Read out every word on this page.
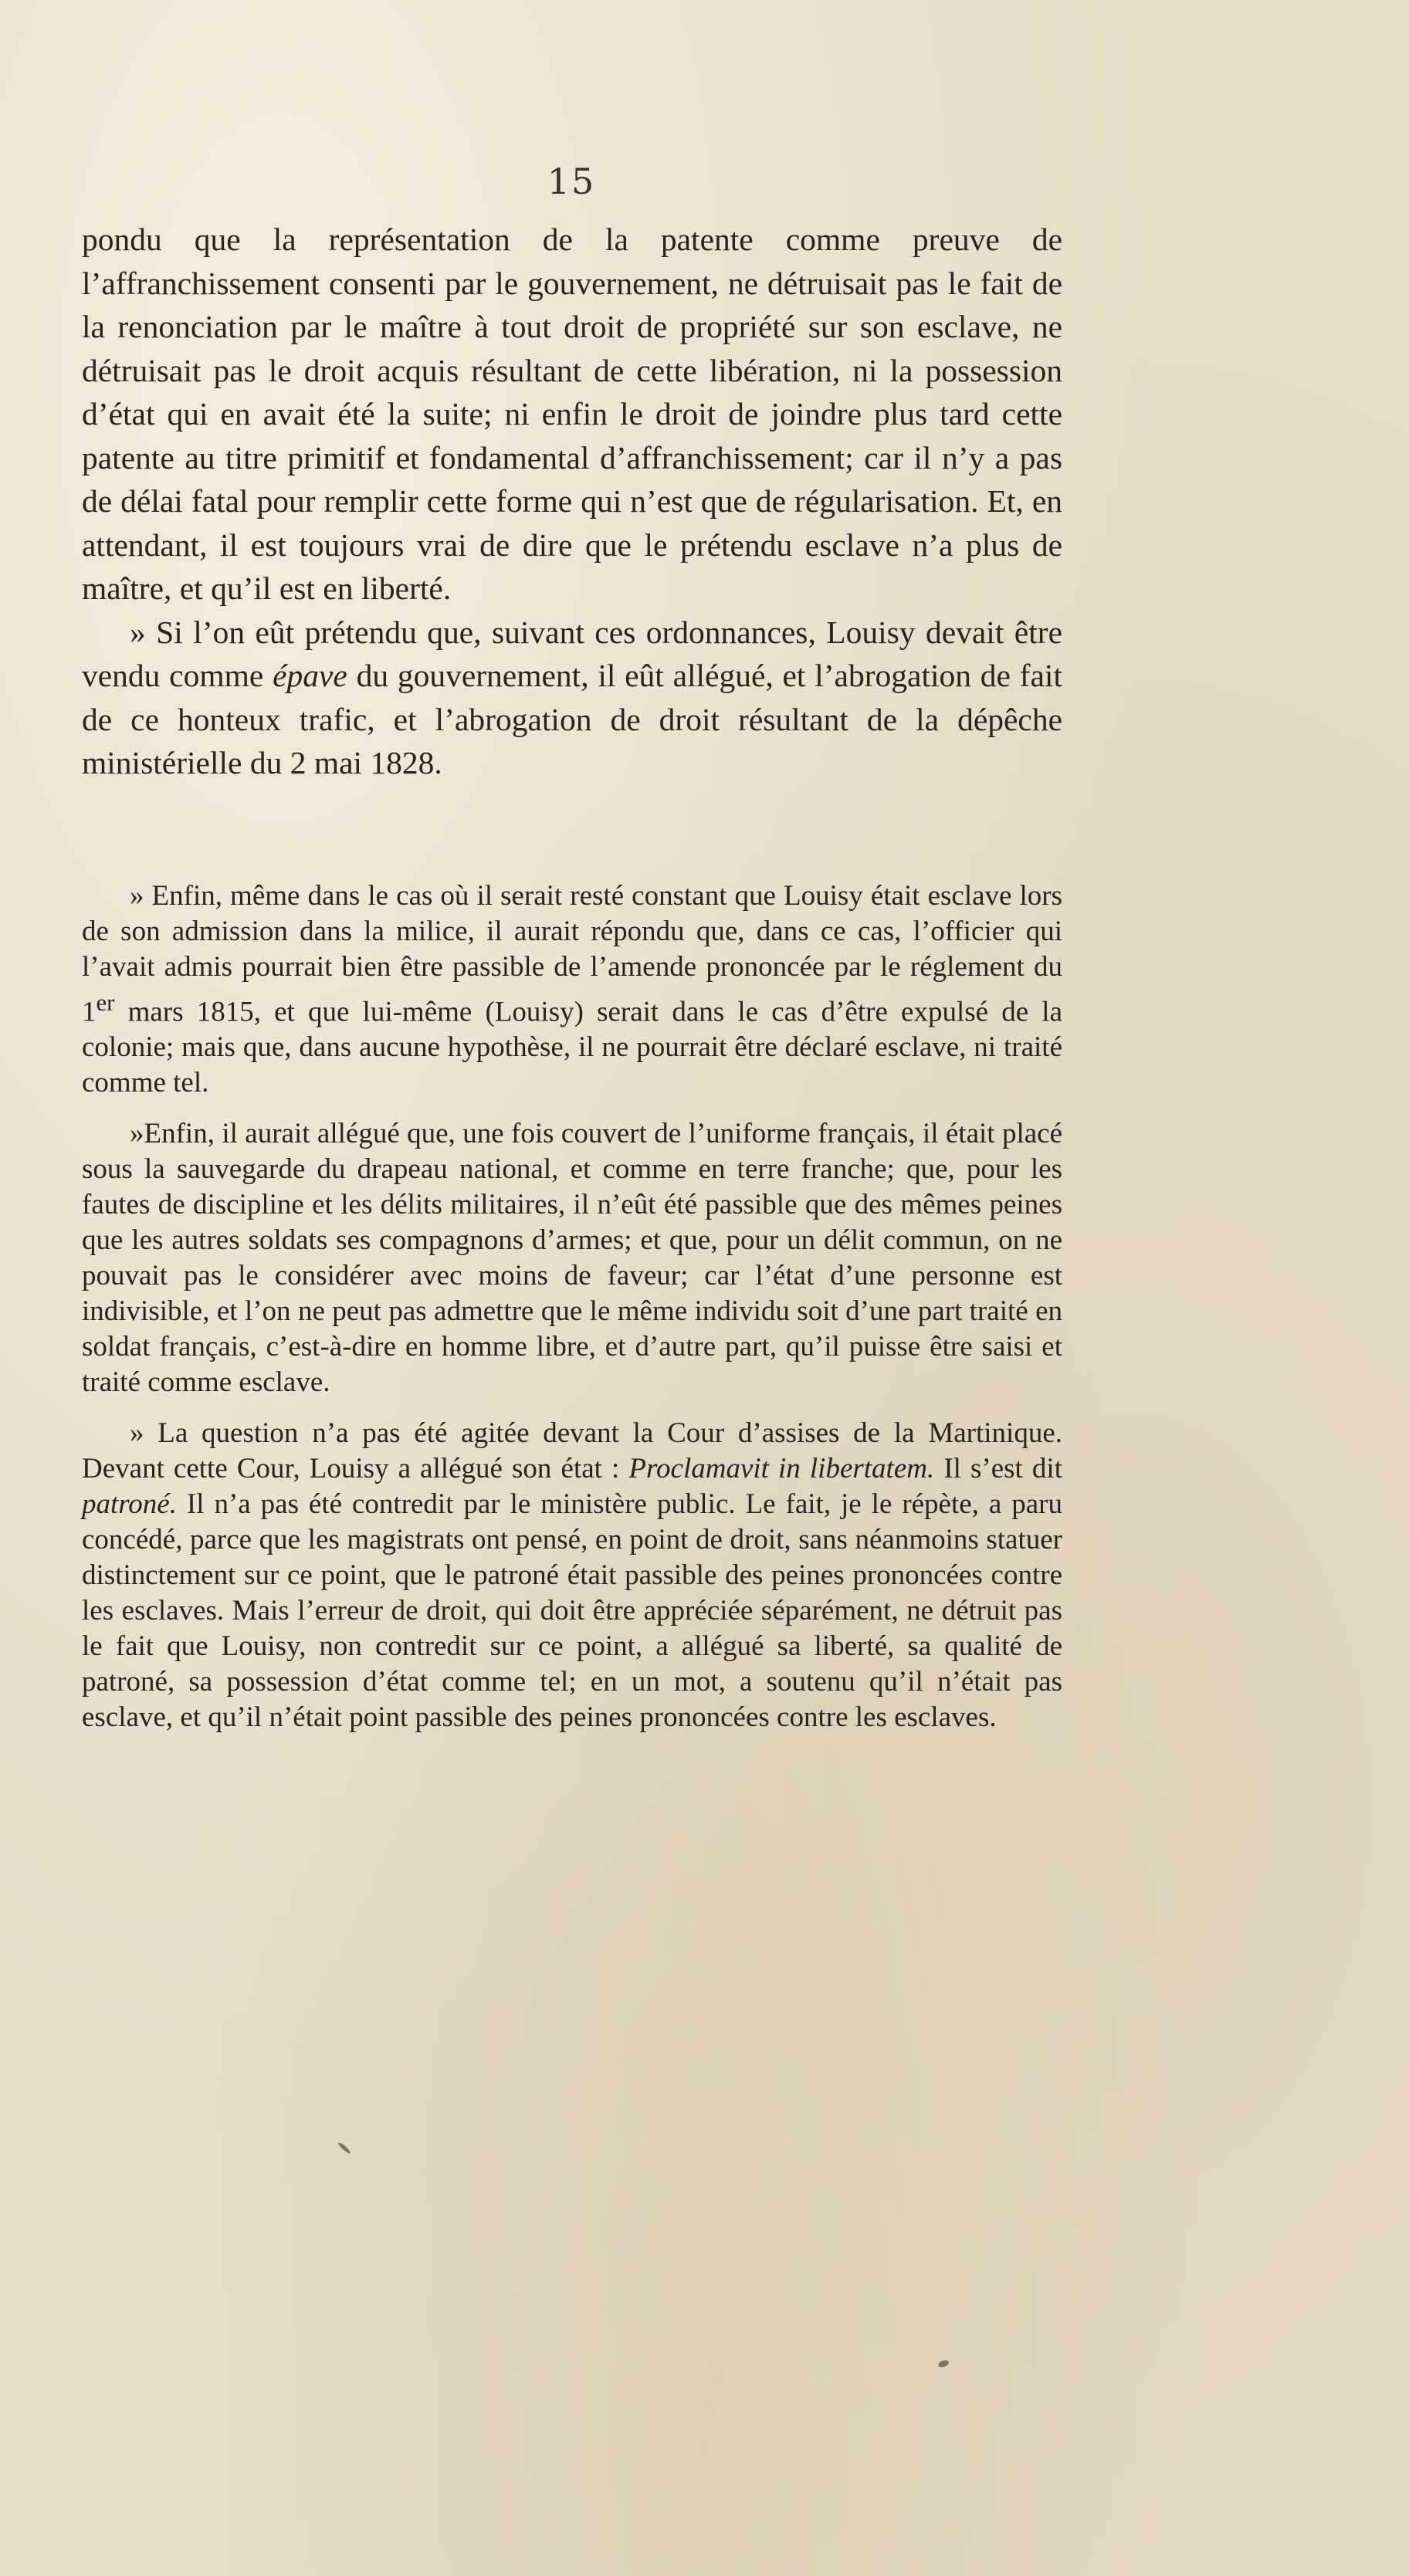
15

pondu que la représentation de la patente comme preuve de l’affranchissement consenti par le gouvernement, ne détruisait pas le fait de la renonciation par le maître à tout droit de propriété sur son esclave, ne détruisait pas le droit acquis résultant de cette libération, ni la possession d’état qui en avait été la suite; ni enfin le droit de joindre plus tard cette patente au titre primitif et fondamental d’affranchissement; car il n’y a pas de délai fatal pour remplir cette forme qui n’est que de régularisation. Et, en attendant, il est toujours vrai de dire que le prétendu esclave n’a plus de maître, et qu’il est en liberté.

» Si l’on eût prétendu que, suivant ces ordonnances, Louisy devait être vendu comme épave du gouvernement, il eût allégué, et l’abrogation de fait de ce honteux trafic, et l’abrogation de droit résultant de la dépêche ministérielle du 2 mai 1828.

» Enfin, même dans le cas où il serait resté constant que Louisy était esclave lors de son admission dans la milice, il aurait répondu que, dans ce cas, l’officier qui l’avait admis pourrait bien être passible de l’amende prononcée par le réglement du 1er mars 1815, et que lui-même (Louisy) serait dans le cas d’être expulsé de la colonie; mais que, dans aucune hypothèse, il ne pourrait être déclaré esclave, ni traité comme tel.

»Enfin, il aurait allégué que, une fois couvert de l’uniforme français, il était placé sous la sauvegarde du drapeau national, et comme en terre franche; que, pour les fautes de discipline et les délits militaires, il n’eût été passible que des mêmes peines que les autres soldats ses compagnons d’armes; et que, pour un délit commun, on ne pouvait pas le considérer avec moins de faveur; car l’état d’une personne est indivisible, et l’on ne peut pas admettre que le même individu soit d’une part traité en soldat français, c’est-à-dire en homme libre, et d’autre part, qu’il puisse être saisi et traité comme esclave.

» La question n’a pas été agitée devant la Cour d’assises de la Martinique. Devant cette Cour, Louisy a allégué son état : Proclamavit in libertatem. Il s’est dit patroné. Il n’a pas été contredit par le ministère public. Le fait, je le répète, a paru concédé, parce que les magistrats ont pensé, en point de droit, sans néanmoins statuer distinctement sur ce point, que le patroné était passible des peines prononcées contre les esclaves. Mais l’erreur de droit, qui doit être appréciée séparément, ne détruit pas le fait que Louisy, non contredit sur ce point, a allégué sa liberté, sa qualité de patroné, sa possession d’état comme tel; en un mot, a soutenu qu’il n’était pas esclave, et qu’il n’était point passible des peines prononcées contre les esclaves.
